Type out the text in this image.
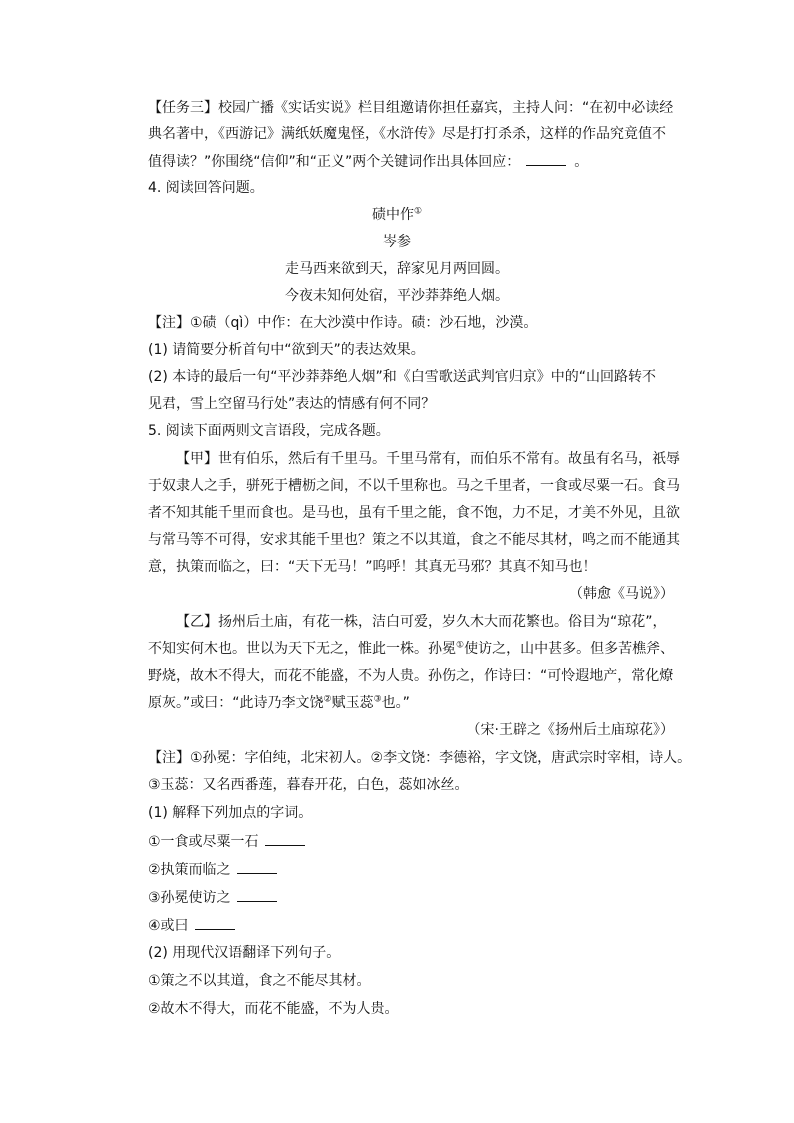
【任务三】校园广播《实话实说》栏目组邀请你担任嘉宾，主持人问：“在初中必读经
典名著中，《西游记》满纸妖魔鬼怪，《水浒传》尽是打打杀杀，这样的作品究竟值不
值得读？”你围绕“信仰”和“正义”两个关键词作出具体回应：	。
4. 阅读回答问题。
碛中作①
岑参
走马西来欲到天，辞家见月两回圆。
今夜未知何处宿，平沙莽莽绝人烟。
【注】①碛（qì）中作：在大沙漠中作诗。碛：沙石地，沙漠。
(1) 请简要分析首句中“欲到天”的表达效果。
(2) 本诗的最后一句“平沙莽莽绝人烟”和《白雪歌送武判官归京》中的“山回路转不
见君，雪上空留马行处”表达的情感有何不同？
5. 阅读下面两则文言语段，完成各题。
【甲】世有伯乐，然后有千里马。千里马常有，而伯乐不常有。故虽有名马，祇辱
于奴隶人之手，骈死于槽枥之间，不以千里称也。马之千里者，一食或尽粟一石。食马
者不知其能千里而食也。是马也，虽有千里之能，食不饱，力不足，才美不外见，且欲
与常马等不可得，安求其能千里也？策之不以其道，食之不能尽其材，鸣之而不能通其
意，执策而临之，曰：“天下无马！”呜呼！其真无马邪？其真不知马也！
（韩愈《马说》）
【乙】扬州后土庙，有花一株，洁白可爱，岁久木大而花繁也。俗目为“琼花”，
不知实何木也。世以为天下无之，惟此一株。孙冕①使访之，山中甚多。但多苦樵斧、
野烧，故木不得大，而花不能盛，不为人贵。孙伤之，作诗曰：“可怜遐地产，常化燎
原灰。”或曰：“此诗乃李文饶②赋玉蕊③也。”
（宋·王辟之《扬州后土庙琼花》）
【注】①孙冕：字伯纯，北宋初人。②李文饶：李德裕，字文饶，唐武宗时宰相，诗人。
③玉蕊：又名西番莲，暮春开花，白色，蕊如冰丝。
(1) 解释下列加点的字词。
①一食或尽粟一石
②执策而临之
③孙冕使访之
④或曰
(2) 用现代汉语翻译下列句子。
①策之不以其道，食之不能尽其材。
②故木不得大，而花不能盛，不为人贵。
